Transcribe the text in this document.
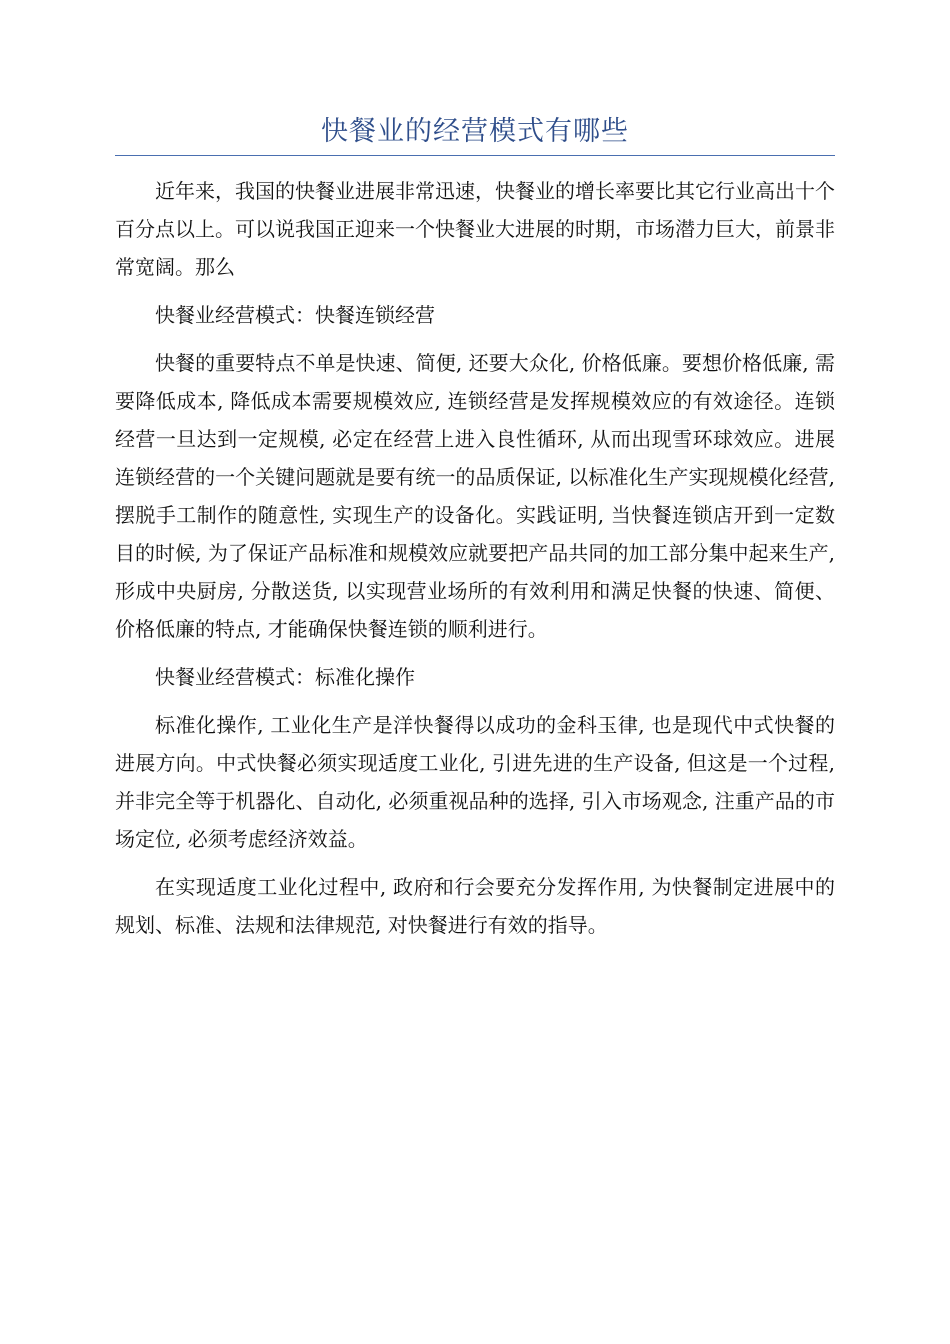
快餐业的经营模式有哪些

近年来，我国的快餐业进展非常迅速，快餐业的增长率要比其它行业高出十个百分点以上。可以说我国正迎来一个快餐业大进展的时期，市场潜力巨大，前景非常宽阔。那么

快餐业经营模式：快餐连锁经营

快餐的重要特点不单是快速、简便, 还要大众化, 价格低廉。要想价格低廉, 需要降低成本, 降低成本需要规模效应, 连锁经营是发挥规模效应的有效途径。连锁经营一旦达到一定规模, 必定在经营上进入良性循环, 从而出现雪环球效应。进展连锁经营的一个关键问题就是要有统一的品质保证, 以标准化生产实现规模化经营, 摆脱手工制作的随意性, 实现生产的设备化。实践证明, 当快餐连锁店开到一定数目的时候, 为了保证产品标准和规模效应就要把产品共同的加工部分集中起来生产, 形成中央厨房, 分散送货, 以实现营业场所的有效利用和满足快餐的快速、简便、价格低廉的特点, 才能确保快餐连锁的顺利进行。

快餐业经营模式：标准化操作

标准化操作, 工业化生产是洋快餐得以成功的金科玉律, 也是现代中式快餐的进展方向。中式快餐必须实现适度工业化, 引进先进的生产设备, 但这是一个过程, 并非完全等于机器化、自动化, 必须重视品种的选择, 引入市场观念, 注重产品的市场定位, 必须考虑经济效益。

在实现适度工业化过程中, 政府和行会要充分发挥作用, 为快餐制定进展中的规划、标准、法规和法律规范, 对快餐进行有效的指导。
